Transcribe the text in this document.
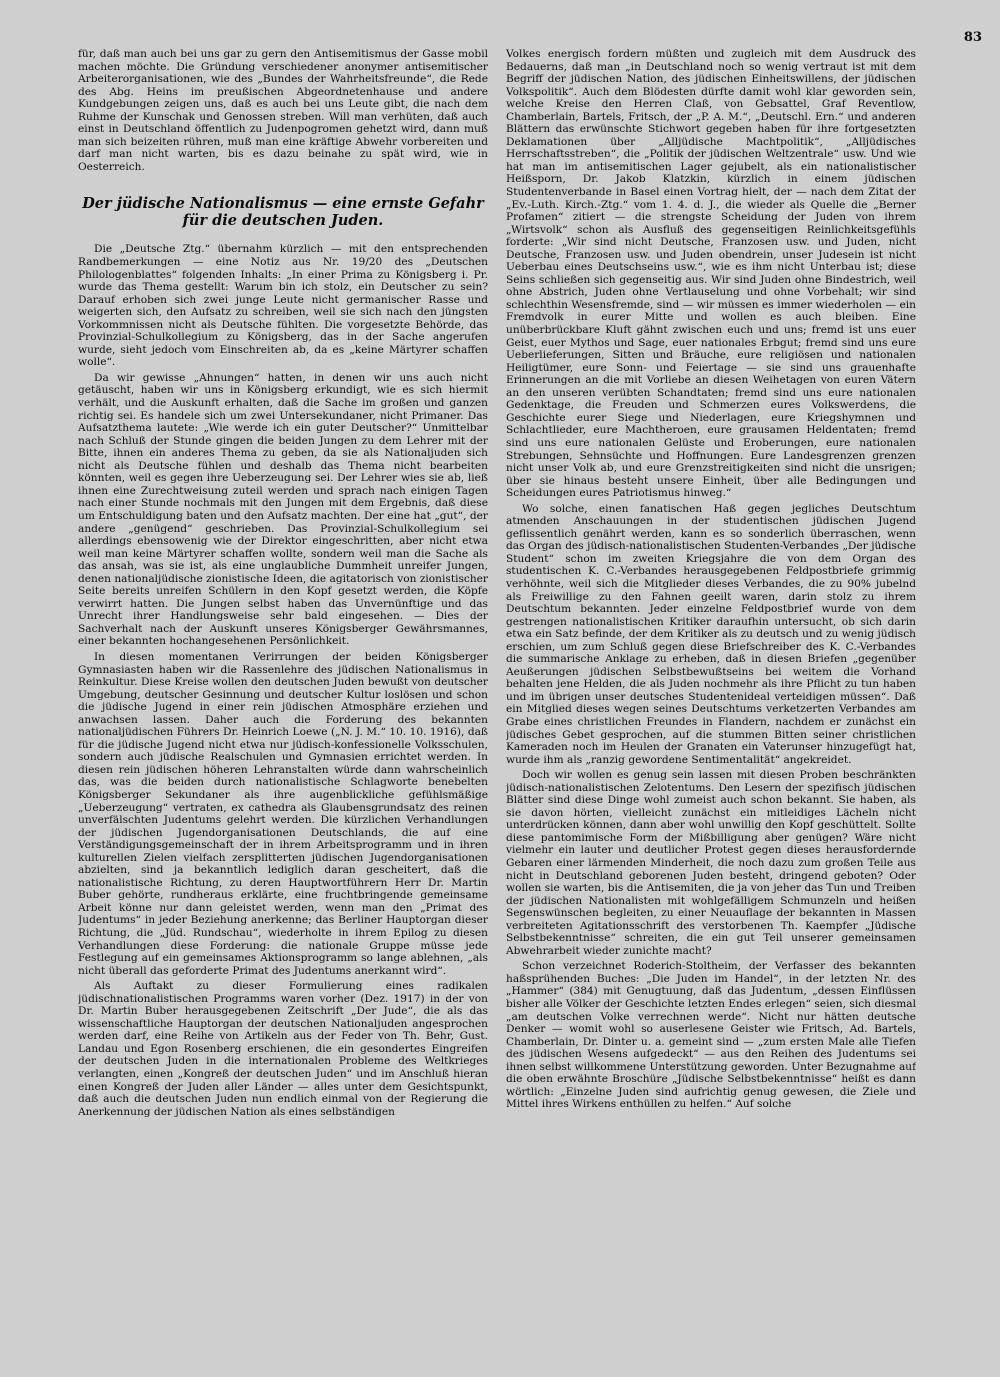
83

für, daß man auch bei uns gar zu gern den Antisemitismus der Gasse mobil machen möchte. Die Gründung verschiedener anonymer antisemitischer Arbeiterorganisationen, wie des „Bundes der Wahrheitsfreunde“, die Rede des Abg. Heins im preußischen Abgeordnetenhause und andere Kundgebungen zeigen uns, daß es auch bei uns Leute gibt, die nach dem Ruhme der Kunschak und Genossen streben. Will man verhüten, daß auch einst in Deutschland öffentlich zu Judenpogromen gehetzt wird, dann muß man sich beizeiten rühren, muß man eine kräftige Abwehr vorbereiten und darf man nicht warten, bis es dazu beinahe zu spät wird, wie in Oesterreich.

Der jüdische Nationalismus — eine ernste Gefahr
für die deutschen Juden.

Die „Deutsche Ztg.“ übernahm kürzlich — mit den entsprechenden Randbemerkungen — eine Notiz aus Nr. 19/20 des „Deutschen Philologenblattes“ folgenden Inhalts: „In einer Prima zu Königsberg i. Pr. wurde das Thema gestellt: Warum bin ich stolz, ein Deutscher zu sein? Darauf erhoben sich zwei junge Leute nicht germanischer Rasse und weigerten sich, den Aufsatz zu schreiben, weil sie sich nach den jüngsten Vorkommnissen nicht als Deutsche fühlten. Die vorgesetzte Behörde, das Provinzial-Schulkollegium zu Königsberg, das in der Sache angerufen wurde, sieht jedoch vom Einschreiten ab, da es „keine Märtyrer schaffen wolle“.

Da wir gewisse „Ahnungen“ hatten, in denen wir uns auch nicht getäuscht, haben wir uns in Königsberg erkundigt, wie es sich hiermit verhält, und die Auskunft erhalten, daß die Sache im großen und ganzen richtig sei. Es handele sich um zwei Untersekundaner, nicht Primaner. Das Aufsatzthema lautete: „Wie werde ich ein guter Deutscher?“ Unmittelbar nach Schluß der Stunde gingen die beiden Jungen zu dem Lehrer mit der Bitte, ihnen ein anderes Thema zu geben, da sie als Nationaljuden sich nicht als Deutsche fühlen und deshalb das Thema nicht bearbeiten könnten, weil es gegen ihre Ueberzeugung sei. Der Lehrer wies sie ab, ließ ihnen eine Zurechtweisung zuteil werden und sprach nach einigen Tagen nach einer Stunde nochmals mit den Jungen mit dem Ergebnis, daß diese um Entschuldigung baten und den Aufsatz machten. Der eine hat „gut“, der andere „genügend“ geschrieben. Das Provinzial-Schulkollegium sei allerdings ebensowenig wie der Direktor eingeschritten, aber nicht etwa weil man keine Märtyrer schaffen wollte, sondern weil man die Sache als das ansah, was sie ist, als eine unglaubliche Dummheit unreifer Jungen, denen nationaljüdische zionistische Ideen, die agitatorisch von zionistischer Seite bereits unreifen Schülern in den Kopf gesetzt werden, die Köpfe verwirrt hatten. Die Jungen selbst haben das Unvernünftige und das Unrecht ihrer Handlungsweise sehr bald eingesehen. — Dies der Sachverhalt nach der Auskunft unseres Königsberger Gewährsmannes, einer bekannten hochangesehenen Persönlichkeit.

In diesen momentanen Verirrungen der beiden Königsberger Gymnasiasten haben wir die Rassenlehre des jüdischen Nationalismus in Reinkultur. Diese Kreise wollen den deutschen Juden bewußt von deutscher Umgebung, deutscher Gesinnung und deutscher Kultur loslösen und schon die jüdische Jugend in einer rein jüdischen Atmosphäre erziehen und anwachsen lassen. Daher auch die Forderung des bekannten nationaljüdischen Führers Dr. Heinrich Loewe („N. J. M.“ 10. 10. 1916), daß für die jüdische Jugend nicht etwa nur jüdisch-konfessionelle Volksschulen, sondern auch jüdische Realschulen und Gymnasien errichtet werden. In diesen rein jüdischen höheren Lehranstalten würde dann wahrscheinlich das, was die beiden durch nationalistische Schlagworte benebelten Königsberger Sekundaner als ihre augenblickliche gefühlsmäßige „Ueberzeugung“ vertraten, ex cathedra als Glaubensgrundsatz des reinen unverfälschten Judentums gelehrt werden. Die kürzlichen Verhandlungen der jüdischen Jugendorganisationen Deutschlands, die auf eine Verständigungsgemeinschaft der in ihrem Arbeitsprogramm und in ihren kulturellen Zielen vielfach zersplitterten jüdischen Jugendorganisationen abzielten, sind ja bekanntlich lediglich daran gescheitert, daß die nationalistische Richtung, zu deren Hauptwortführern Herr Dr. Martin Buber gehörte, rundheraus erklärte, eine fruchtbringende gemeinsame Arbeit könne nur dann geleistet werden, wenn man den „Primat des Judentums“ in jeder Beziehung anerkenne; das Berliner Hauptorgan dieser Richtung, die „Jüd. Rundschau“, wiederholte in ihrem Epilog zu diesen Verhandlungen diese Forderung: die nationale Gruppe müsse jede Festlegung auf ein gemeinsames Aktionsprogramm so lange ablehnen, „als nicht überall das geforderte Primat des Judentums anerkannt wird“.

Als Auftakt zu dieser Formulierung eines radikalen jüdischnationalistischen Programms waren vorher (Dez. 1917) in der von Dr. Martin Buber herausgegebenen Zeitschrift „Der Jude“, die als das wissenschaftliche Hauptorgan der deutschen Nationaljuden angesprochen werden darf, eine Reihe von Artikeln aus der Feder von Th. Behr, Gust. Landau und Egon Rosenberg erschienen, die ein gesondertes Eingreifen der deutschen Juden in die internationalen Probleme des Weltkrieges verlangten, einen „Kongreß der deutschen Juden“ und im Anschluß hieran einen Kongreß der Juden aller Länder — alles unter dem Gesichtspunkt, daß auch die deutschen Juden nun endlich einmal von der Regierung die Anerkennung der jüdischen Nation als eines selbständigen

Volkes energisch fordern müßten und zugleich mit dem Ausdruck des Bedauerns, daß man „in Deutschland noch so wenig vertraut ist mit dem Begriff der jüdischen Nation, des jüdischen Einheitswillens, der jüdischen Volkspolitik“. Auch dem Blödesten dürfte damit wohl klar geworden sein, welche Kreise den Herren Claß, von Gebsattel, Graf Reventlow, Chamberlain, Bartels, Fritsch, der „P. A. M.“, „Deutschl. Ern.“ und anderen Blättern das erwünschte Stichwort gegeben haben für ihre fortgesetzten Deklamationen über „Alljüdische Machtpolitik“, „Alljüdisches Herrschaftsstreben“, die „Politik der jüdischen Weltzentrale“ usw. Und wie hat man im antisemitischen Lager gejubelt, als ein nationalistischer Heißsporn, Dr. Jakob Klatzkin, kürzlich in einem jüdischen Studentenverbande in Basel einen Vortrag hielt, der — nach dem Zitat der „Ev.-Luth. Kirch.-Ztg.“ vom 1. 4. d. J., die wieder als Quelle die „Berner Profamen“ zitiert — die strengste Scheidung der Juden von ihrem „Wirtsvolk“ schon als Ausfluß des gegenseitigen Reinlichkeitsgefühls forderte: „Wir sind nicht Deutsche, Franzosen usw. und Juden, nicht Deutsche, Franzosen usw. und Juden obendrein, unser Judesein ist nicht Ueberbau eines Deutschseins usw.“, wie es ihm nicht Unterbau ist; diese Seins schließen sich gegenseitig aus. Wir sind Juden ohne Bindestrich, weil ohne Abstrich, Juden ohne Vertlauselung und ohne Vorbehalt; wir sind schlechthin Wesensfremde, sind — wir müssen es immer wiederholen — ein Fremdvolk in eurer Mitte und wollen es auch bleiben. Eine unüberbrückbare Kluft gähnt zwischen euch und uns; fremd ist uns euer Geist, euer Mythos und Sage, euer nationales Erbgut; fremd sind uns eure Ueberlieferungen, Sitten und Bräuche, eure religiösen und nationalen Heiligtümer, eure Sonn- und Feiertage — sie sind uns grauenhafte Erinnerungen an die mit Vorliebe an diesen Weihetagen von euren Vätern an den unseren verübten Schandtaten; fremd sind uns eure nationalen Gedenktage, die Freuden und Schmerzen eures Volkswerdens, die Geschichte eurer Siege und Niederlagen, eure Kriegshymnen und Schlachtlieder, eure Machtheroen, eure grausamen Heldentaten; fremd sind uns eure nationalen Gelüste und Eroberungen, eure nationalen Strebungen, Sehnsüchte und Hoffnungen. Eure Landesgrenzen grenzen nicht unser Volk ab, und eure Grenzstreitigkeiten sind nicht die unsrigen; über sie hinaus besteht unsere Einheit, über alle Bedingungen und Scheidungen eures Patriotismus hinweg.“

Wo solche, einen fanatischen Haß gegen jegliches Deutschtum atmenden Anschauungen in der studentischen jüdischen Jugend geflissentlich genährt werden, kann es so sonderlich überraschen, wenn das Organ des jüdisch-nationalistischen Studenten-Verbandes „Der jüdische Student“ schon im zweiten Kriegsjahre die von dem Organ des studentischen K. C.-Verbandes herausgegebenen Feldpostbriefe grimmig verhöhnte, weil sich die Mitglieder dieses Verbandes, die zu 90% jubelnd als Freiwillige zu den Fahnen geeilt waren, darin stolz zu ihrem Deutschtum bekannten. Jeder einzelne Feldpostbrief wurde von dem gestrengen nationalistischen Kritiker daraufhin untersucht, ob sich darin etwa ein Satz befinde, der dem Kritiker als zu deutsch und zu wenig jüdisch erschien, um zum Schluß gegen diese Briefschreiber des K. C.-Verbandes die summarische Anklage zu erheben, daß in diesen Briefen „gegenüber Aeußerungen jüdischen Selbstbewußtseins bei weitem die Vorhand behalten jene Helden, die als Juden nochmehr als ihre Pflicht zu tun haben und im übrigen unser deutsches Studentenideal verteidigen müssen“. Daß ein Mitglied dieses wegen seines Deutschtums verketzerten Verbandes am Grabe eines christlichen Freundes in Flandern, nachdem er zunächst ein jüdisches Gebet gesprochen, auf die stummen Bitten seiner christlichen Kameraden noch im Heulen der Granaten ein Vaterunser hinzugefügt hat, wurde ihm als „ranzig gewordene Sentimentalität“ angekreidet.

Doch wir wollen es genug sein lassen mit diesen Proben beschränkten jüdisch-nationalistischen Zelotentums. Den Lesern der spezifisch jüdischen Blätter sind diese Dinge wohl zumeist auch schon bekannt. Sie haben, als sie davon hörten, vielleicht zunächst ein mitleidiges Lächeln nicht unterdrücken können, dann aber wohl unwillig den Kopf geschüttelt. Sollte diese pantomimische Form der Mißbilligung aber genügen? Wäre nicht vielmehr ein lauter und deutlicher Protest gegen dieses herausfordernde Gebaren einer lärmenden Minderheit, die noch dazu zum großen Teile aus nicht in Deutschland geborenen Juden besteht, dringend geboten? Oder wollen sie warten, bis die Antisemiten, die ja von jeher das Tun und Treiben der jüdischen Nationalisten mit wohlgefälligem Schmunzeln und heißen Segenswünschen begleiten, zu einer Neuauflage der bekannten in Massen verbreiteten Agitationsschrift des verstorbenen Th. Kaempfer „Jüdische Selbstbekenntnisse“ schreiten, die ein gut Teil unserer gemeinsamen Abwehrarbeit wieder zunichte macht?

Schon verzeichnet Roderich-Stoltheim, der Verfasser des bekannten haßsprühenden Buches: „Die Juden im Handel“, in der letzten Nr. des „Hammer“ (384) mit Genugtuung, daß das Judentum, „dessen Einflüssen bisher alle Völker der Geschichte letzten Endes erlegen“ seien, sich diesmal „am deutschen Volke verrechnen werde“. Nicht nur hätten deutsche Denker — womit wohl so auserlesene Geister wie Fritsch, Ad. Bartels, Chamberlain, Dr. Dinter u. a. gemeint sind — „zum ersten Male alle Tiefen des jüdischen Wesens aufgedeckt“ — aus den Reihen des Judentums sei ihnen selbst willkommene Unterstützung geworden. Unter Bezugnahme auf die oben erwähnte Broschüre „Jüdische Selbstbekenntnisse“ heißt es dann wörtlich: „Einzelne Juden sind aufrichtig genug gewesen, die Ziele und Mittel ihres Wirkens enthüllen zu helfen.“ Auf solche
